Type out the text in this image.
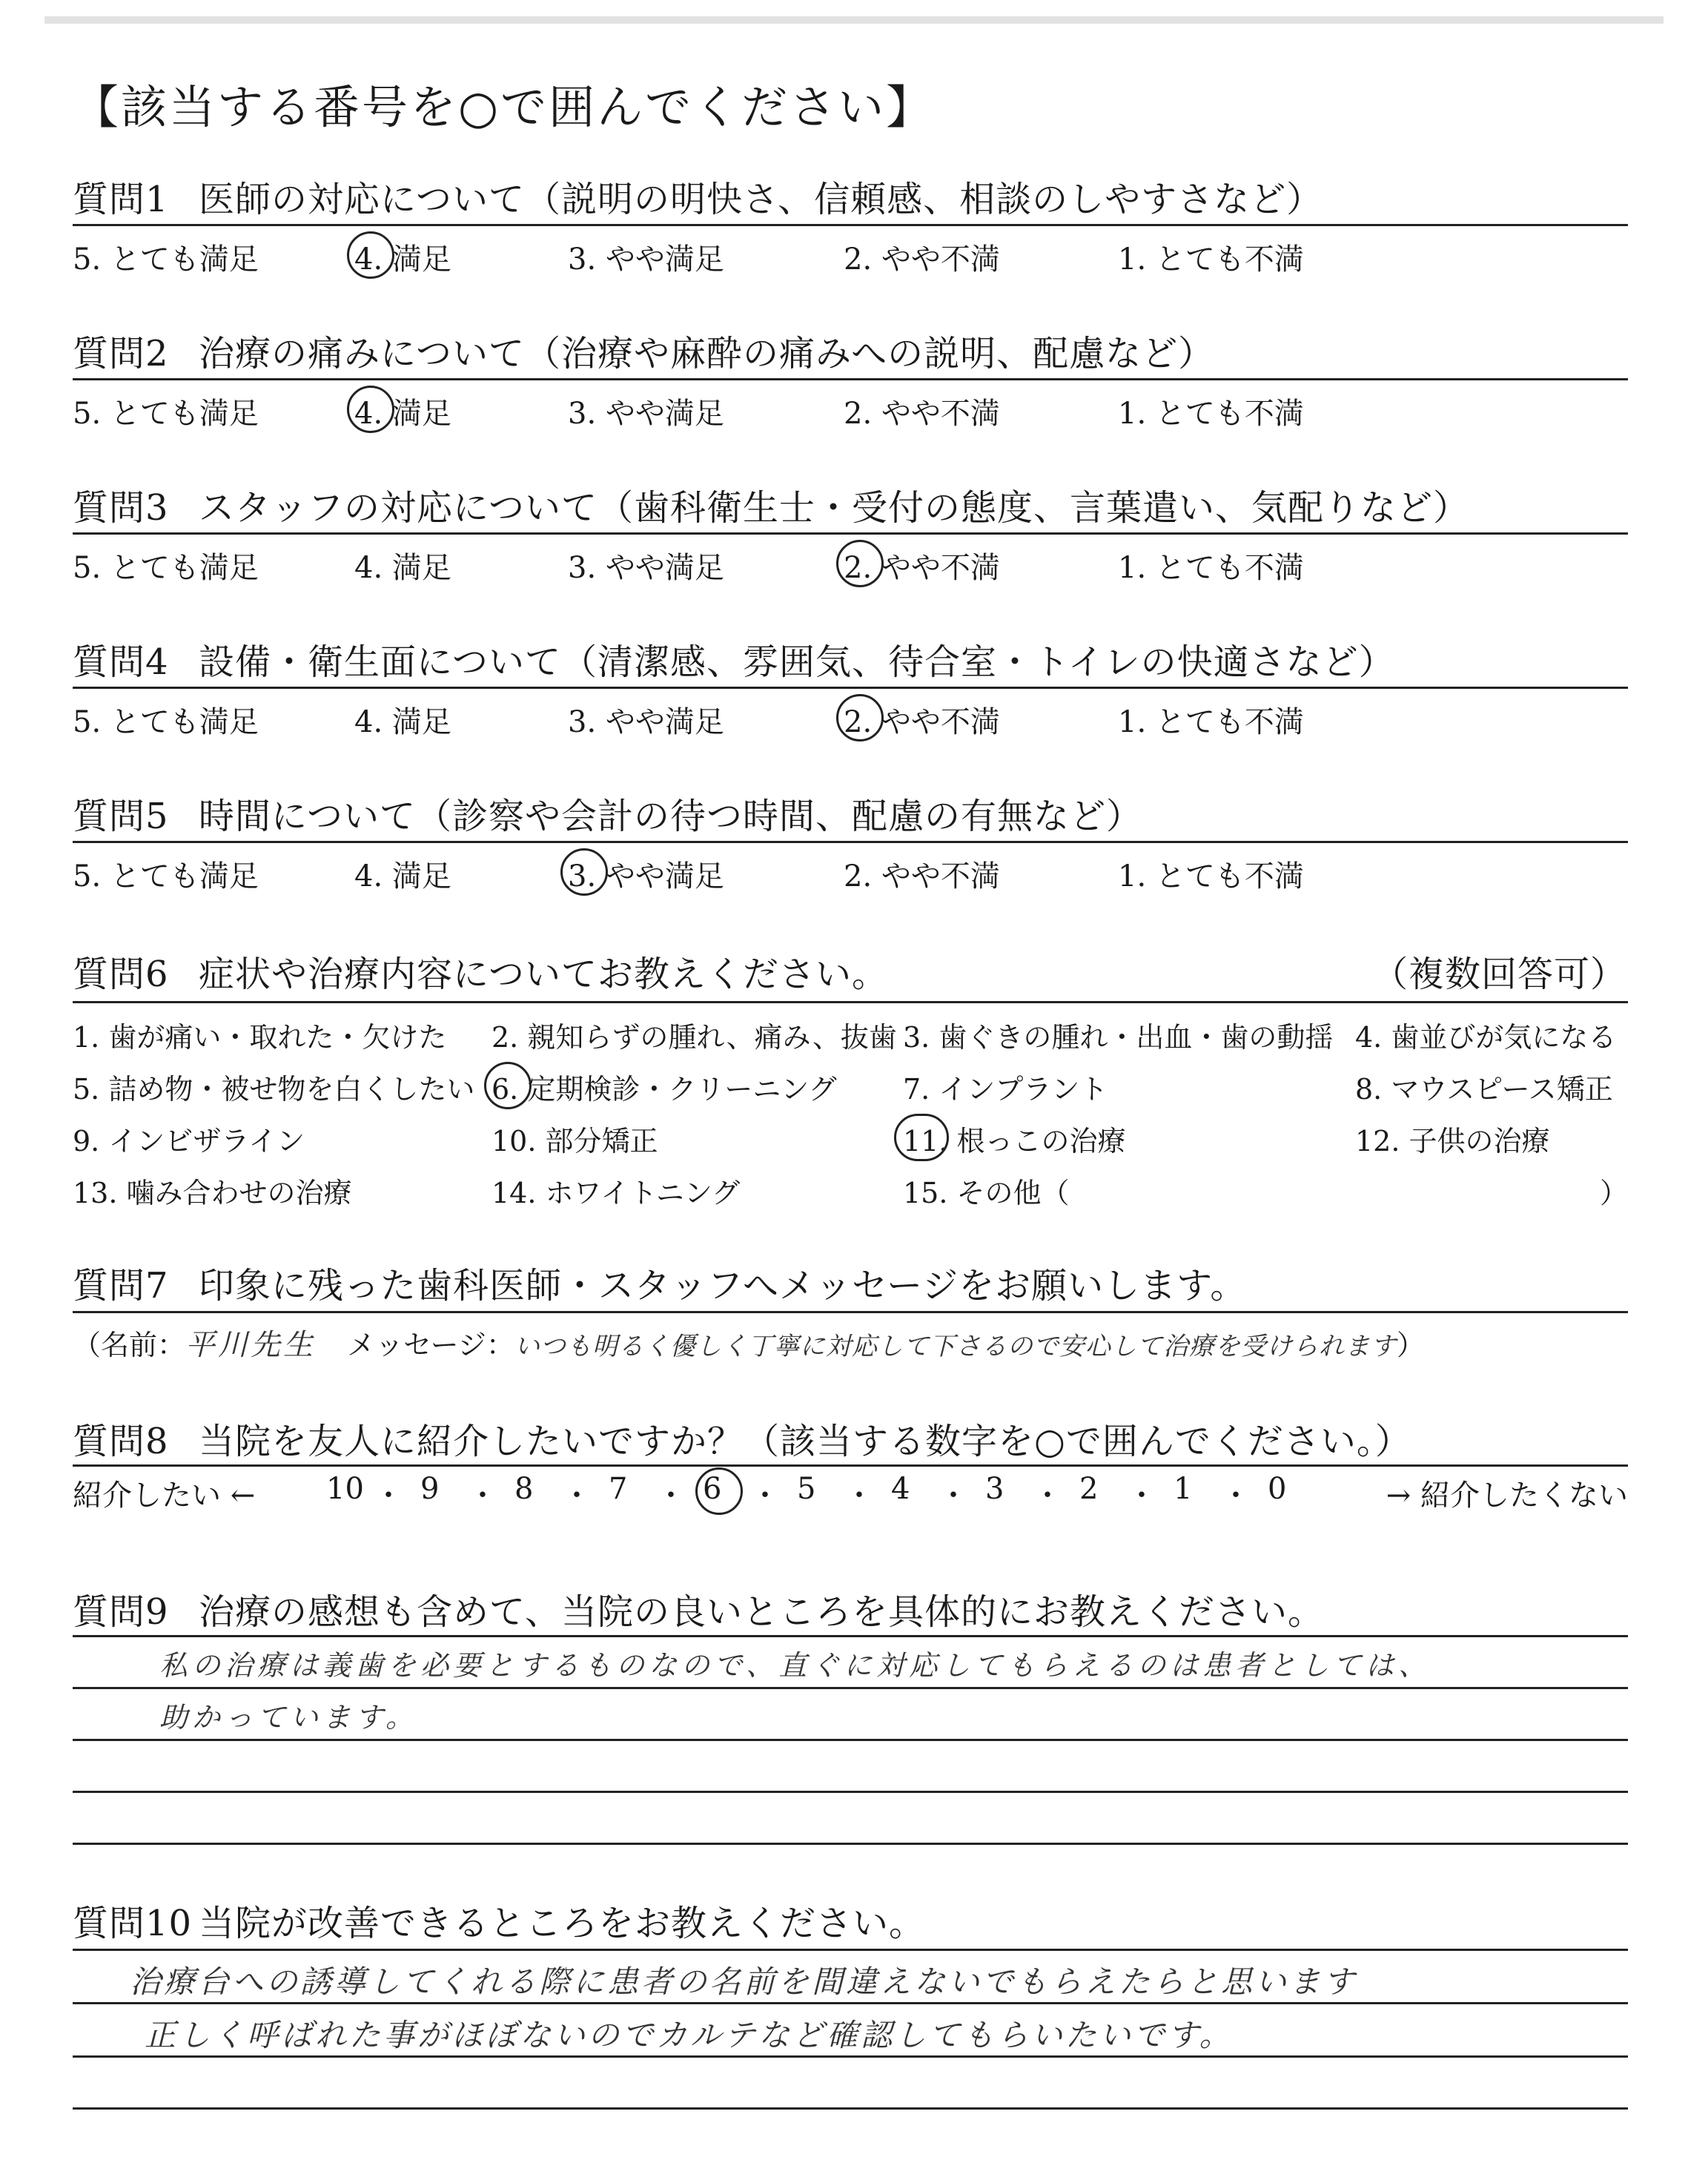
【該当する番号を○で囲んでください】
質問1 医師の対応について（説明の明快さ、信頼感、相談のしやすさなど）
5. とても満足	4. 満足	3. やや満足	2. やや不満	1. とても不満
質問2 治療の痛みについて（治療や麻酔の痛みへの説明、配慮など）
5. とても満足	4. 満足	3. やや満足	2. やや不満	1. とても不満
質問3 スタッフの対応について（歯科衛生士・受付の態度、言葉遣い、気配りなど）
5. とても満足	4. 満足	3. やや満足	2. やや不満	1. とても不満
質問4 設備・衛生面について（清潔感、雰囲気、待合室・トイレの快適さなど）
5. とても満足	4. 満足	3. やや満足	2. やや不満	1. とても不満
質問5 時間について（診察や会計の待つ時間、配慮の有無など）
5. とても満足	4. 満足	3. やや満足	2. やや不満	1. とても不満
質問6 症状や治療内容についてお教えください。	（複数回答可）
1. 歯が痛い・取れた・欠けた 2. 親知らずの腫れ、痛み、抜歯 3. 歯ぐきの腫れ・出血・歯の動揺 4. 歯並びが気になる
5. 詰め物・被せ物を白くしたい 6. 定期検診・クリーニング 7. インプラント	8. マウスピース矯正
9. インビザライン	10. 部分矯正	11. 根っこの治療	12. 子供の治療
13. 噛み合わせの治療	14. ホワイトニング	15. その他（	）
質問7 印象に残った歯科医師・スタッフへメッセージをお願いします。
（名前：平川先生 メッセージ：いつも明るく優しく丁寧に対応して下さるので安心して治療を受けられます）
質問8 当院を友人に紹介したいですか？（該当する数字を○で囲んでください。）
紹介したい ←	→ 紹介したくない
10 ・ 9 ・ 8 ・ 7 ・ 6 ・ 5 ・ 4 ・ 3 ・ 2 ・ 1 ・ 0
質問9 治療の感想も含めて、当院の良いところを具体的にお教えください。
私の治療は義歯を必要とするものなので、直ぐに対応してもらえるのは患者としては、
助かっています。
質問10 当院が改善できるところをお教えください。
治療台への誘導してくれる際に患者の名前を間違えないでもらえたらと思います
正しく呼ばれた事がほぼないのでカルテなど確認してもらいたいです。
